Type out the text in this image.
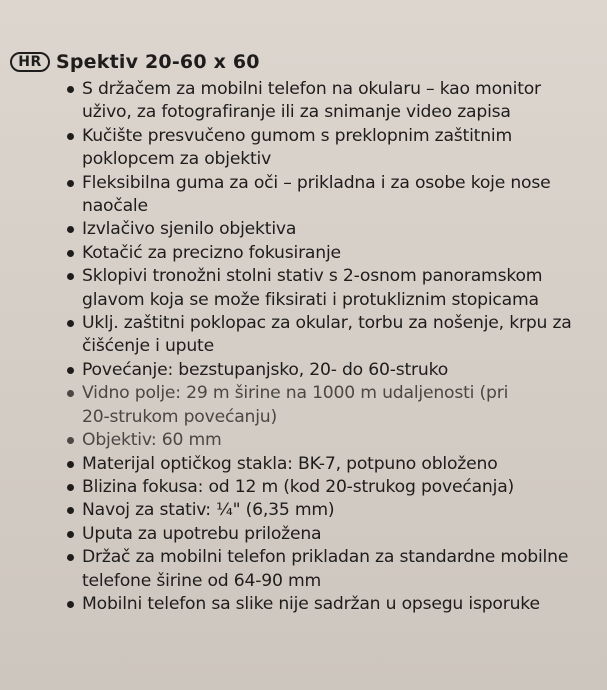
HR Spektiv 20-60 x 60
S držačem za mobilni telefon na okularu – kao monitor
uživo, za fotografiranje ili za snimanje video zapisa
Kučište presvučeno gumom s preklopnim zaštitnim
poklopcem za objektiv
Fleksibilna guma za oči – prikladna i za osobe koje nose
naočale
Izvlačivo sjenilo objektiva
Kotačić za precizno fokusiranje
Sklopivi tronožni stolni stativ s 2-osnom panoramskom
glavom koja se može fiksirati i protukliznim stopicama
Uklj. zaštitni poklopac za okular, torbu za nošenje, krpu za
čišćenje i upute
Povećanje: bezstupanjsko, 20- do 60-struko
Vidno polje: 29 m širine na 1000 m udaljenosti (pri
20-strukom povećanju)
Objektiv: 60 mm
Materijal optičkog stakla: BK-7, potpuno obloženo
Blizina fokusa: od 12 m (kod 20-strukog povećanja)
Navoj za stativ: ¼" (6,35 mm)
Uputa za upotrebu priložena
Držač za mobilni telefon prikladan za standardne mobilne
telefone širine od 64-90 mm
Mobilni telefon sa slike nije sadržan u opsegu isporuke
